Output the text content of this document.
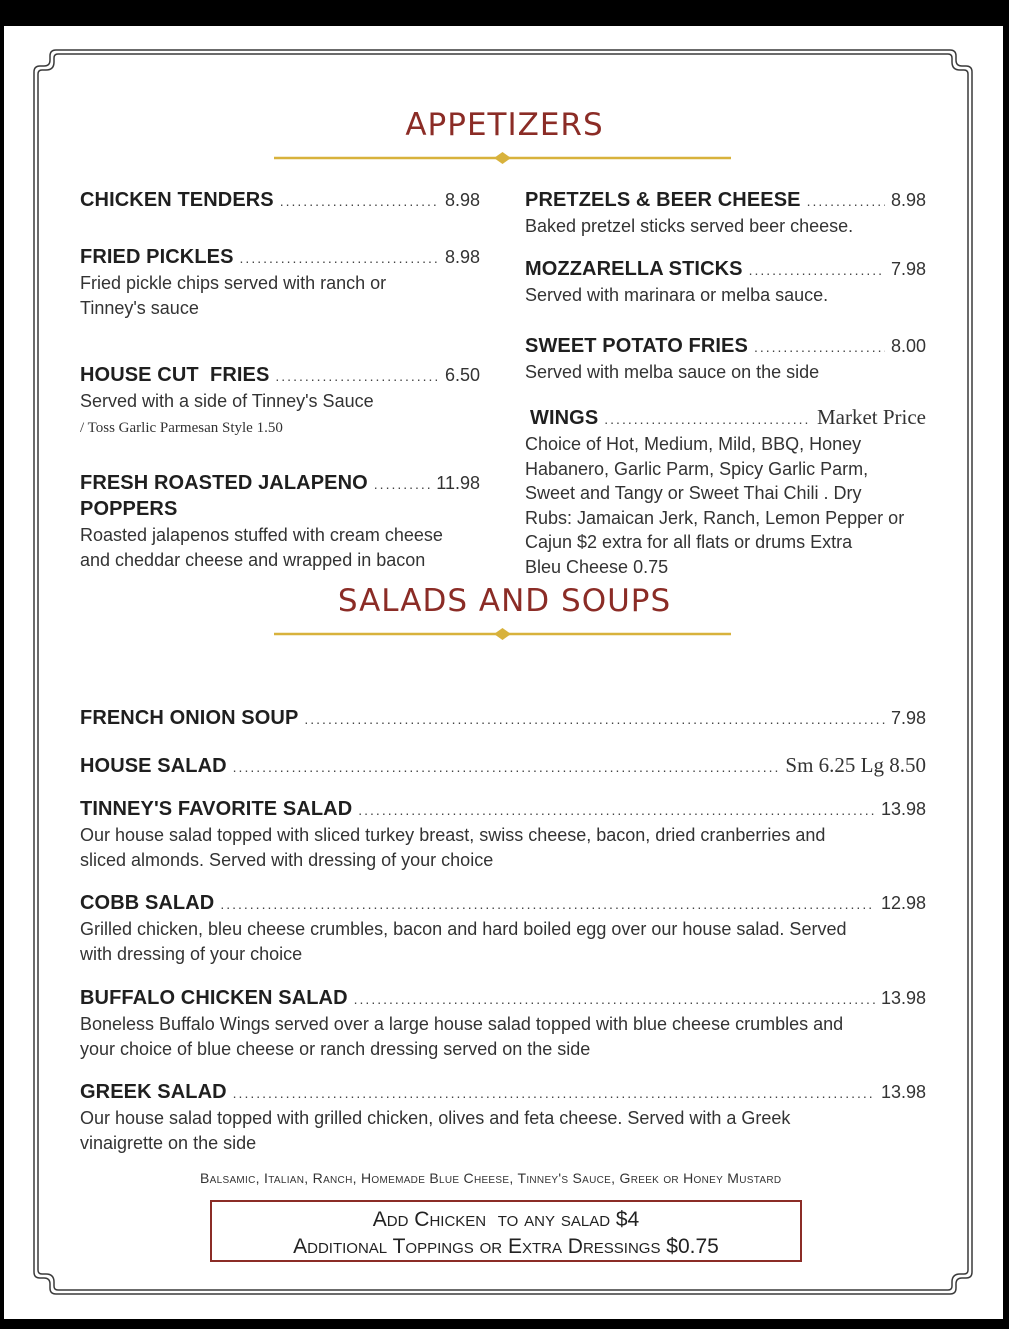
APPETIZERS
CHICKEN TENDERS .....	8.98
FRIED PICKLES .....	8.98
Fried pickle chips served with ranch or
Tinney's sauce
HOUSE CUT  FRIES .....	6.50
Served with a side of Tinney's Sauce
/ Toss Garlic Parmesan Style 1.50
FRESH ROASTED JALAPENO .....	11.98
POPPERS
Roasted jalapenos stuffed with cream cheese
and cheddar cheese and wrapped in bacon
PRETZELS & BEER CHEESE .....	8.98
Baked pretzel sticks served beer cheese.
MOZZARELLA STICKS .....	7.98
Served with marinara or melba sauce.
SWEET POTATO FRIES .....	8.00
Served with melba sauce on the side
WINGS .....	Market Price
Choice of Hot, Medium, Mild, BBQ, Honey
Habanero, Garlic Parm, Spicy Garlic Parm,
Sweet and Tangy or Sweet Thai Chili . Dry
Rubs: Jamaican Jerk, Ranch, Lemon Pepper or
Cajun $2 extra for all flats or drums Extra
Bleu Cheese 0.75
SALADS AND SOUPS
FRENCH ONION SOUP .....	7.98
HOUSE SALAD .....	Sm 6.25 Lg 8.50
TINNEY'S FAVORITE SALAD .....	13.98
Our house salad topped with sliced turkey breast, swiss cheese, bacon, dried cranberries and
sliced almonds. Served with dressing of your choice
COBB SALAD .....	12.98
Grilled chicken, bleu cheese crumbles, bacon and hard boiled egg over our house salad. Served
with dressing of your choice
BUFFALO CHICKEN SALAD .....	13.98
Boneless Buffalo Wings served over a large house salad topped with blue cheese crumbles and
your choice of blue cheese or ranch dressing served on the side
GREEK SALAD .....	13.98
Our house salad topped with grilled chicken, olives and feta cheese. Served with a Greek
vinaigrette on the side
Balsamic, Italian, Ranch, Homemade Blue Cheese, Tinney's Sauce, Greek or Honey Mustard
Add Chicken  to any salad $4
Additional Toppings or Extra Dressings $0.75
